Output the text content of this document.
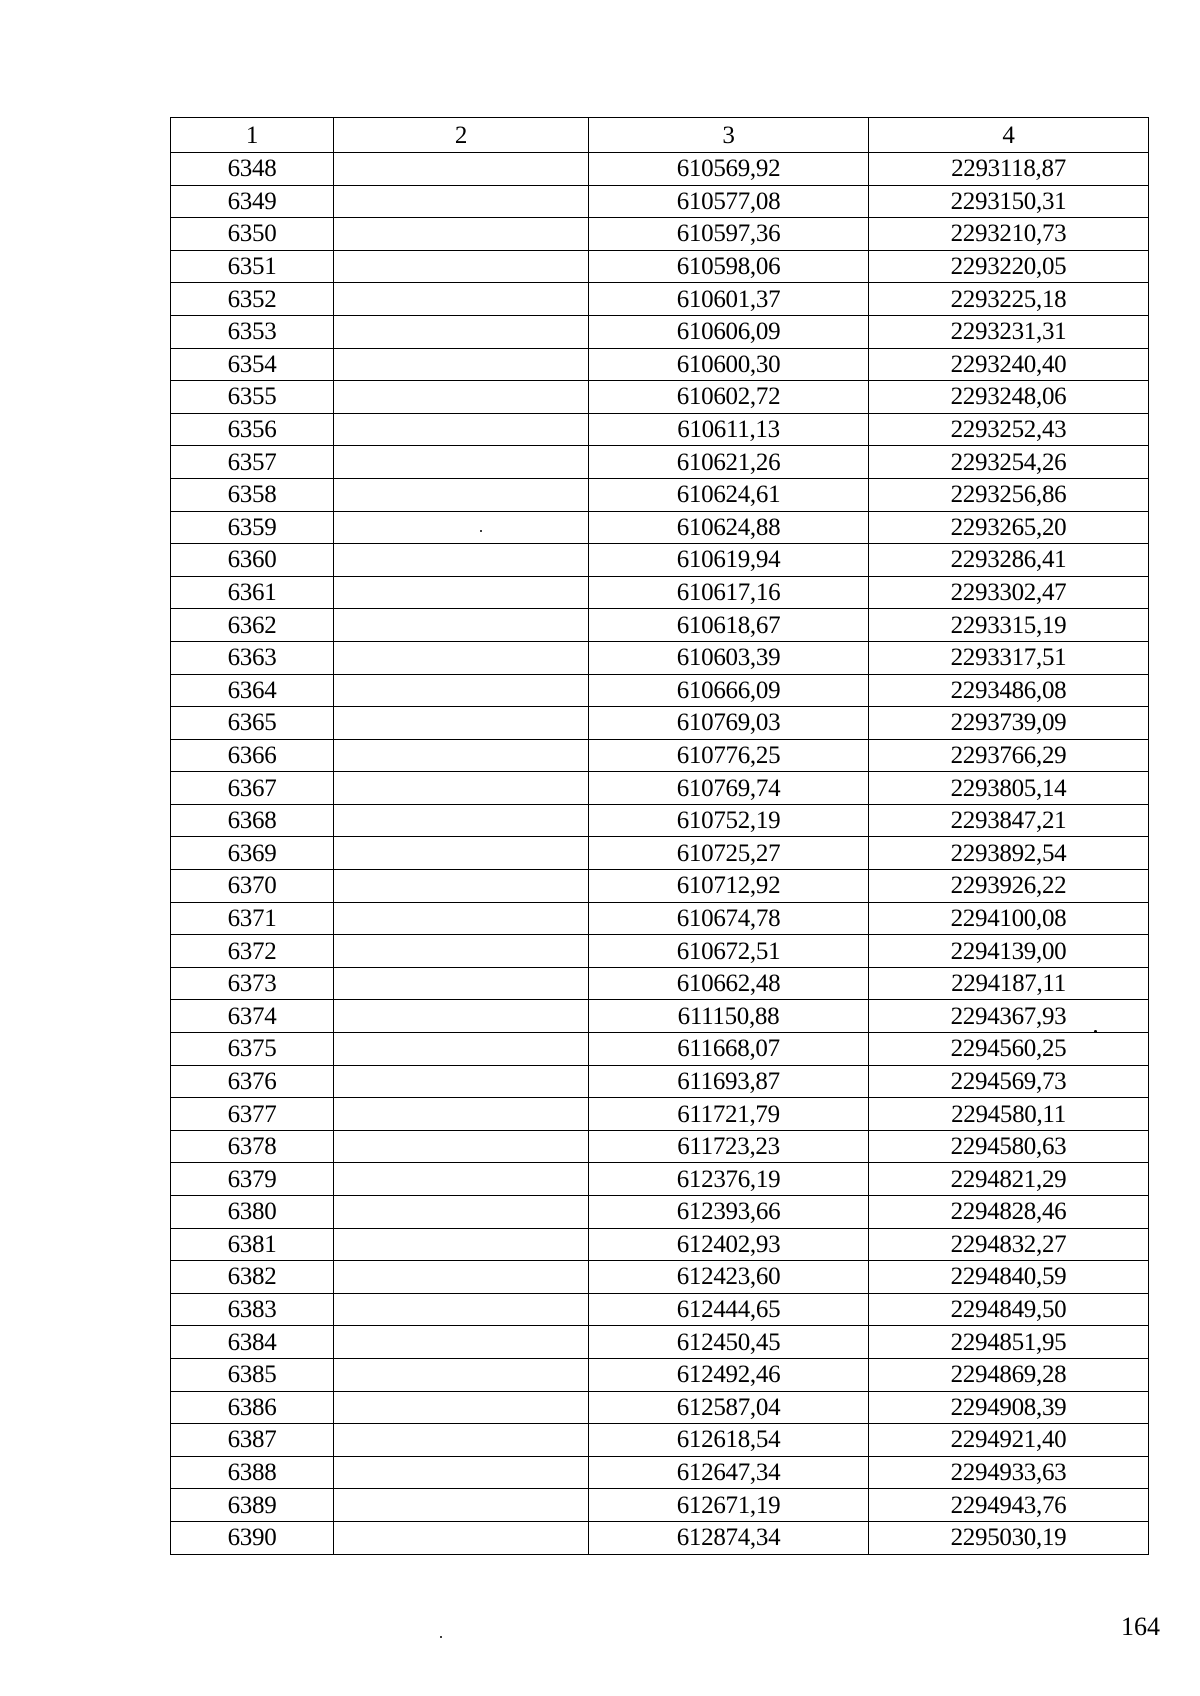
1	2	3	4
6348		610569,92	2293118,87
6349		610577,08	2293150,31
6350		610597,36	2293210,73
6351		610598,06	2293220,05
6352		610601,37	2293225,18
6353		610606,09	2293231,31
6354		610600,30	2293240,40
6355		610602,72	2293248,06
6356		610611,13	2293252,43
6357		610621,26	2293254,26
6358		610624,61	2293256,86
6359		610624,88	2293265,20
6360		610619,94	2293286,41
6361		610617,16	2293302,47
6362		610618,67	2293315,19
6363		610603,39	2293317,51
6364		610666,09	2293486,08
6365		610769,03	2293739,09
6366		610776,25	2293766,29
6367		610769,74	2293805,14
6368		610752,19	2293847,21
6369		610725,27	2293892,54
6370		610712,92	2293926,22
6371		610674,78	2294100,08
6372		610672,51	2294139,00
6373		610662,48	2294187,11
6374		611150,88	2294367,93
6375		611668,07	2294560,25
6376		611693,87	2294569,73
6377		611721,79	2294580,11
6378		611723,23	2294580,63
6379		612376,19	2294821,29
6380		612393,66	2294828,46
6381		612402,93	2294832,27
6382		612423,60	2294840,59
6383		612444,65	2294849,50
6384		612450,45	2294851,95
6385		612492,46	2294869,28
6386		612587,04	2294908,39
6387		612618,54	2294921,40
6388		612647,34	2294933,63
6389		612671,19	2294943,76
6390		612874,34	2295030,19
164
